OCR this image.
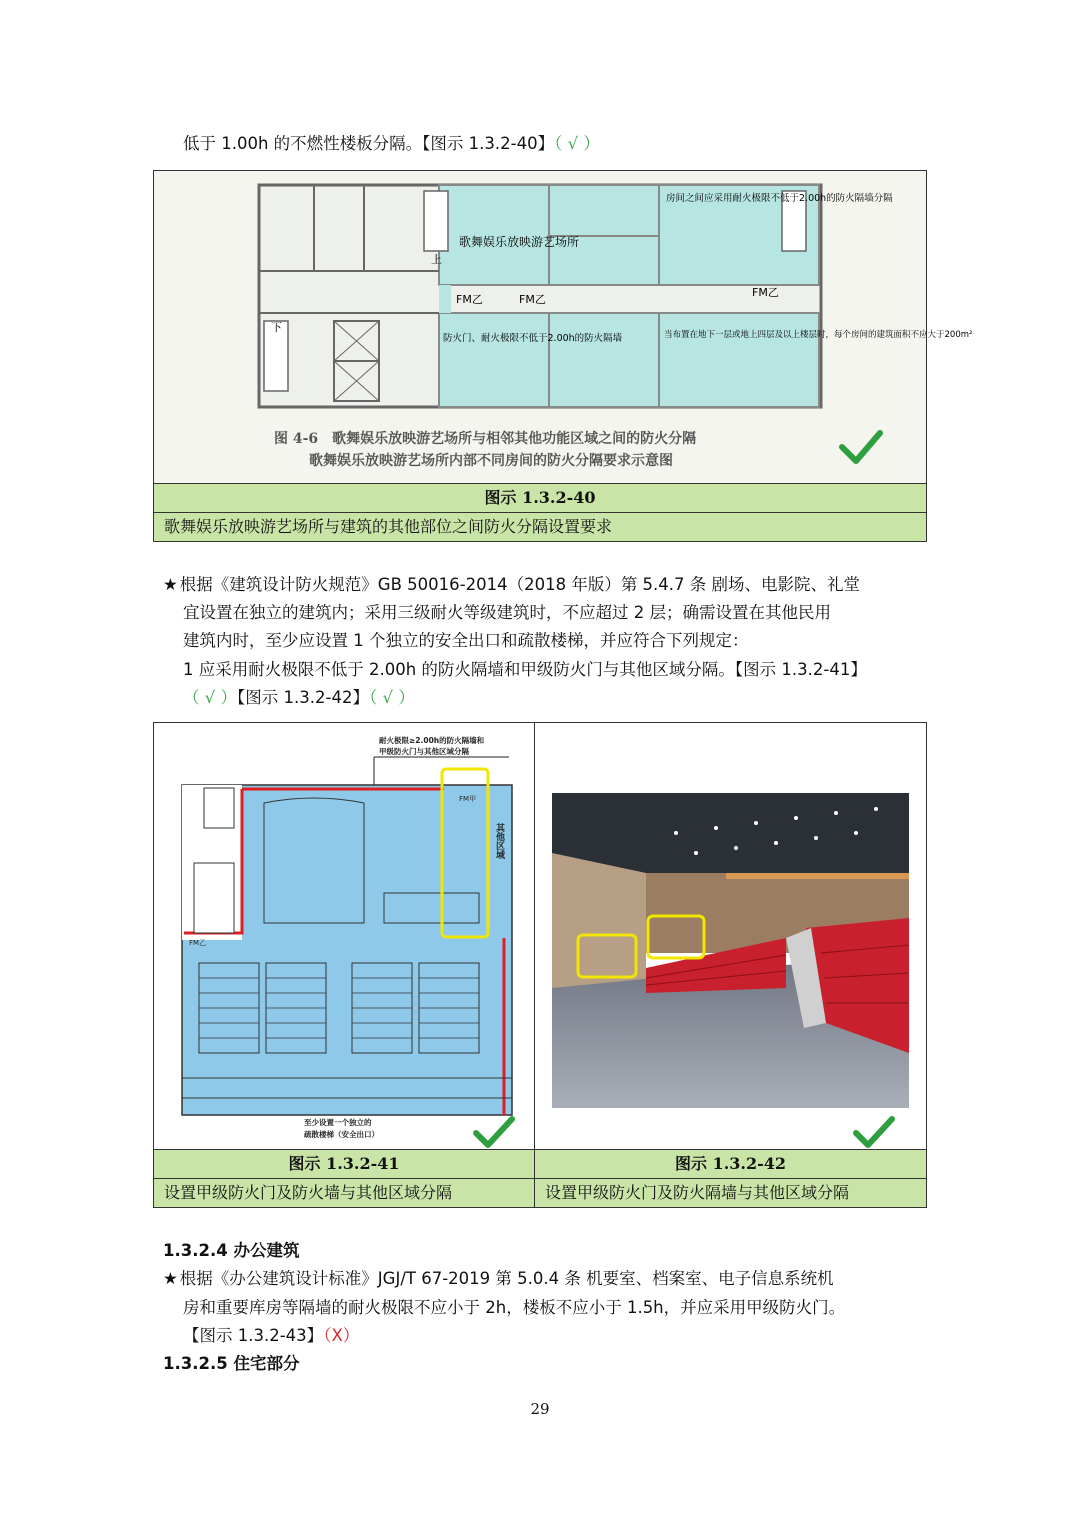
低于 1.00h 的不燃性楼板分隔。【图示 1.3.2-40】（ √ ）
歌舞娱乐放映游艺场所
房间之间应采用耐火极限不低于2.00h的防火隔墙分隔
防火门、耐火极限不低于2.00h的防火隔墙	当布置在地下一层或地上四层及以上楼层时，每个房间的建筑面积不应大于200m²
FM乙	FM乙
FM乙
上
下
图 4-6　歌舞娱乐放映游艺场所与相邻其他功能区域之间的防火分隔
歌舞娱乐放映游艺场所内部不同房间的防火分隔要求示意图
图示 1.3.2-40
歌舞娱乐放映游艺场所与建筑的其他部位之间防火分隔设置要求
★ 根据《建筑设计防火规范》GB 50016-2014（2018 年版）第 5.4.7 条 剧场、电影院、礼堂
宜设置在独立的建筑内；采用三级耐火等级建筑时，不应超过 2 层；确需设置在其他民用
建筑内时，至少应设置 1 个独立的安全出口和疏散楼梯，并应符合下列规定：
1 应采用耐火极限不低于 2.00h 的防火隔墙和甲级防火门与其他区域分隔。【图示 1.3.2-41】
（ √ ）【图示 1.3.2-42】（ √ ）
耐火极限≥2.00h的防火隔墙和
甲级防火门与其他区域分隔
FM甲
FM乙
其他区域
至少设置一个独立的
疏散楼梯（安全出口）
图示 1.3.2-41
设置甲级防火门及防火墙与其他区域分隔
图示 1.3.2-42
设置甲级防火门及防火隔墙与其他区域分隔
1.3.2.4 办公建筑
★ 根据《办公建筑设计标准》JGJ/T 67-2019 第 5.0.4 条 机要室、档案室、电子信息系统机
房和重要库房等隔墙的耐火极限不应小于 2h，楼板不应小于 1.5h，并应采用甲级防火门。
【图示 1.3.2-43】（X）
1.3.2.5 住宅部分
29
